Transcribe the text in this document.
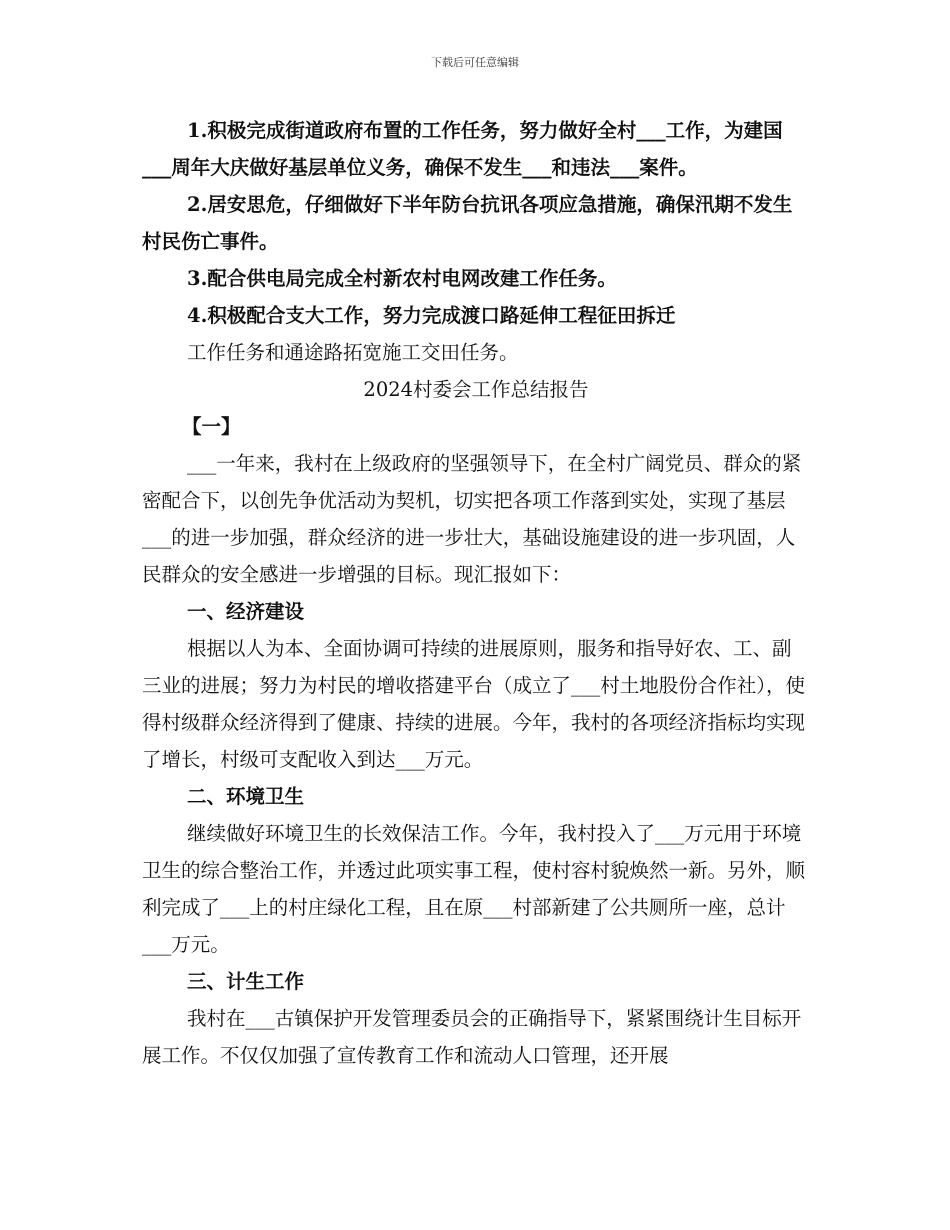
下载后可任意编辑

1.积极完成街道政府布置的工作任务，努力做好全村___工作，为建国___周年大庆做好基层单位义务，确保不发生___和违法___案件。

2.居安思危，仔细做好下半年防台抗讯各项应急措施，确保汛期不发生村民伤亡事件。

3.配合供电局完成全村新农村电网改建工作任务。

4.积极配合支大工作，努力完成渡口路延伸工程征田拆迁

工作任务和通途路拓宽施工交田任务。

2024村委会工作总结报告

【一】

___一年来，我村在上级政府的坚强领导下，在全村广阔党员、群众的紧密配合下，以创先争优活动为契机，切实把各项工作落到实处，实现了基层___的进一步加强，群众经济的进一步壮大，基础设施建设的进一步巩固，人民群众的安全感进一步增强的目标。现汇报如下：

一、经济建设

根据以人为本、全面协调可持续的进展原则，服务和指导好农、工、副三业的进展；努力为村民的增收搭建平台（成立了___村土地股份合作社），使得村级群众经济得到了健康、持续的进展。今年，我村的各项经济指标均实现了增长，村级可支配收入到达___万元。

二、环境卫生

继续做好环境卫生的长效保洁工作。今年，我村投入了___万元用于环境卫生的综合整治工作，并透过此项实事工程，使村容村貌焕然一新。另外，顺利完成了___上的村庄绿化工程，且在原___村部新建了公共厕所一座，总计___万元。

三、计生工作

我村在___古镇保护开发管理委员会的正确指导下，紧紧围绕计生目标开展工作。不仅仅加强了宣传教育工作和流动人口管理，还开展
